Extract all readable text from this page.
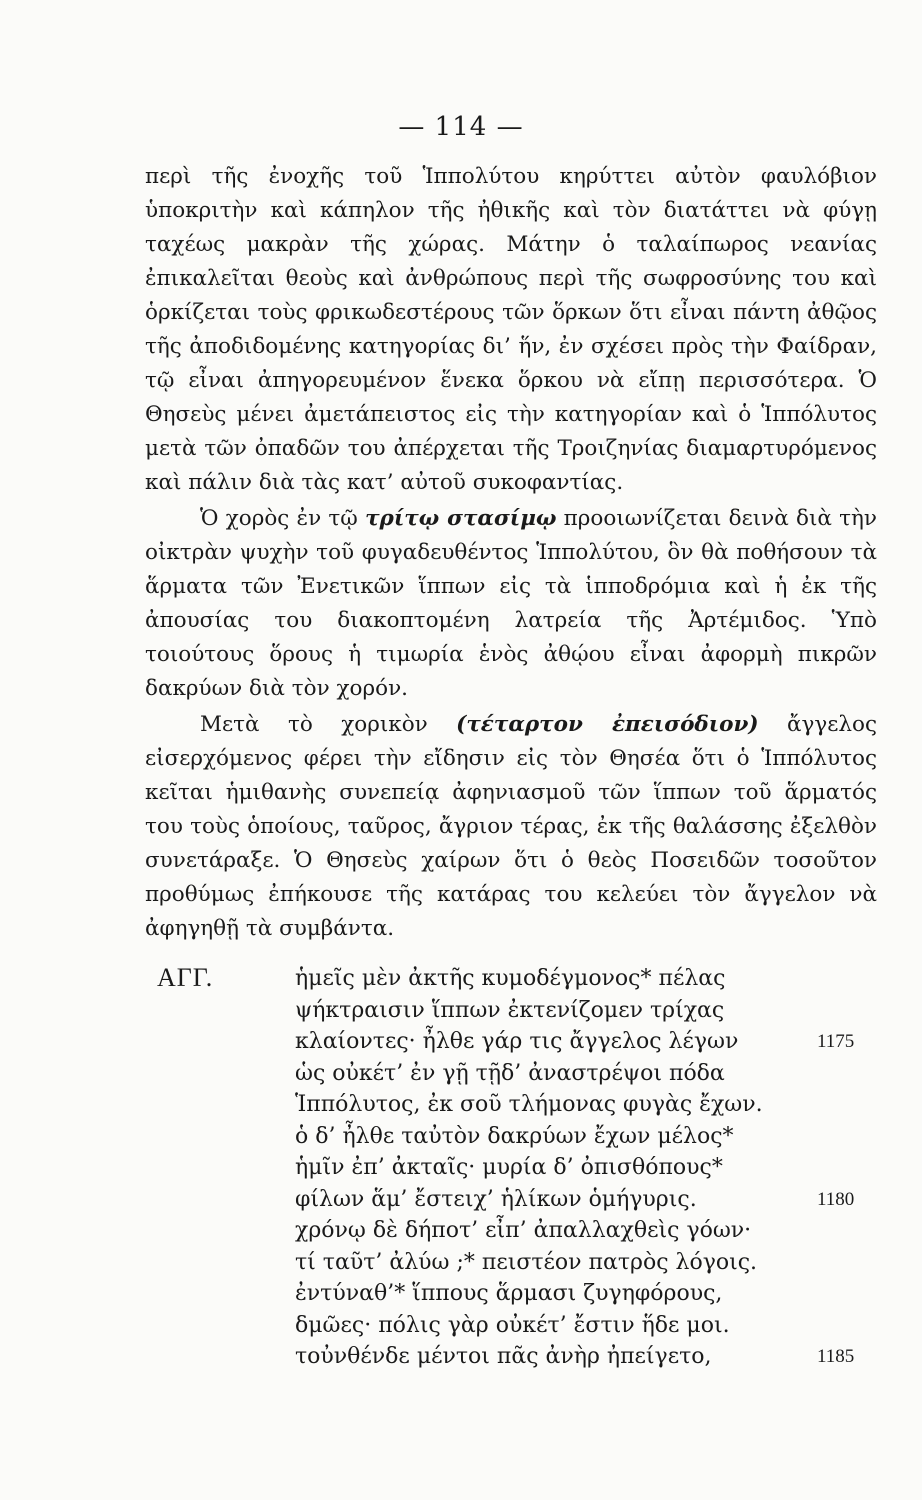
— 114 —

περὶ τῆς ἐνοχῆς τοῦ Ἱππολύτου κηρύττει αὐτὸν φαυλόβιον ὑποκριτὴν καὶ κάπηλον τῆς ἠθικῆς καὶ τὸν διατάττει νὰ φύγῃ ταχέως μακρὰν τῆς χώρας. Μάτην ὁ ταλαίπωρος νεανίας ἐπικαλεῖται θεοὺς καὶ ἀνθρώπους περὶ τῆς σωφροσύνης του καὶ ὁρκίζεται τοὺς φρικωδεστέρους τῶν ὅρκων ὅτι εἶναι πάντη ἀθῷος τῆς ἀποδιδομένης κατηγορίας δι’ ἥν, ἐν σχέσει πρὸς τὴν Φαίδραν, τῷ εἶναι ἀπηγορευμένον ἕνεκα ὅρκου νὰ εἴπῃ περισσότερα. Ὁ Θησεὺς μένει ἀμετάπειστος εἰς τὴν κατηγορίαν καὶ ὁ Ἱππόλυτος μετὰ τῶν ὀπαδῶν του ἀπέρχεται τῆς Τροιζηνίας διαμαρτυρόμενος καὶ πάλιν διὰ τὰς κατ’ αὐτοῦ συκοφαντίας.

Ὁ χορὸς ἐν τῷ τρίτῳ στασίμῳ προοιωνίζεται δεινὰ διὰ τὴν οἰκτρὰν ψυχὴν τοῦ φυγαδευθέντος Ἱππολύτου, ὃν θὰ ποθήσουν τὰ ἅρματα τῶν Ἐνετικῶν ἵππων εἰς τὰ ἱπποδρόμια καὶ ἡ ἐκ τῆς ἀπουσίας του διακοπτομένη λατρεία τῆς Ἀρτέμιδος. Ὑπὸ τοιούτους ὅρους ἡ τιμωρία ἑνὸς ἀθῴου εἶναι ἀφορμὴ πικρῶν δακρύων διὰ τὸν χορόν.

Μετὰ τὸ χορικὸν (τέταρτον ἐπεισόδιον) ἄγγελος εἰσερχόμενος φέρει τὴν εἴδησιν εἰς τὸν Θησέα ὅτι ὁ Ἱππόλυτος κεῖται ἡμιθανὴς συνεπείᾳ ἀφηνιασμοῦ τῶν ἵππων τοῦ ἅρματός του τοὺς ὁποίους, ταῦρος, ἄγριον τέρας, ἐκ τῆς θαλάσσης ἐξελθὸν συνετάραξε. Ὁ Θησεὺς χαίρων ὅτι ὁ θεὸς Ποσειδῶν τοσοῦτον προθύμως ἐπήκουσε τῆς κατάρας του κελεύει τὸν ἄγγελον νὰ ἀφηγηθῇ τὰ συμβάντα.

ΑΓΓ.	ἡμεῖς μὲν ἀκτῆς κυμοδέγμονος* πέλας
ψήκτραισιν ἵππων ἐκτενίζομεν τρίχας
κλαίοντες· ἦλθε γάρ τις ἄγγελος λέγων	1175
ὡς οὐκέτ’ ἐν γῇ τῇδ’ ἀναστρέψοι πόδα
Ἱππόλυτος, ἐκ σοῦ τλήμονας φυγὰς ἔχων.
ὁ δ’ ἦλθε ταὐτὸν δακρύων ἔχων μέλος*
ἡμῖν ἐπ’ ἀκταῖς· μυρία δ’ ὀπισθόπους*
φίλων ἅμ’ ἔστειχ’ ἡλίκων ὁμήγυρις.	1180
χρόνῳ δὲ δήποτ’ εἶπ’ ἀπαλλαχθεὶς γόων·
τί ταῦτ’ ἀλύω ;* πειστέον πατρὸς λόγοις.
ἐντύναθ’* ἵππους ἅρμασι ζυγηφόρους,
δμῶες· πόλις γὰρ οὐκέτ’ ἔστιν ἥδε μοι.
τοὐνθένδε μέντοι πᾶς ἀνὴρ ἠπείγετο,	1185
